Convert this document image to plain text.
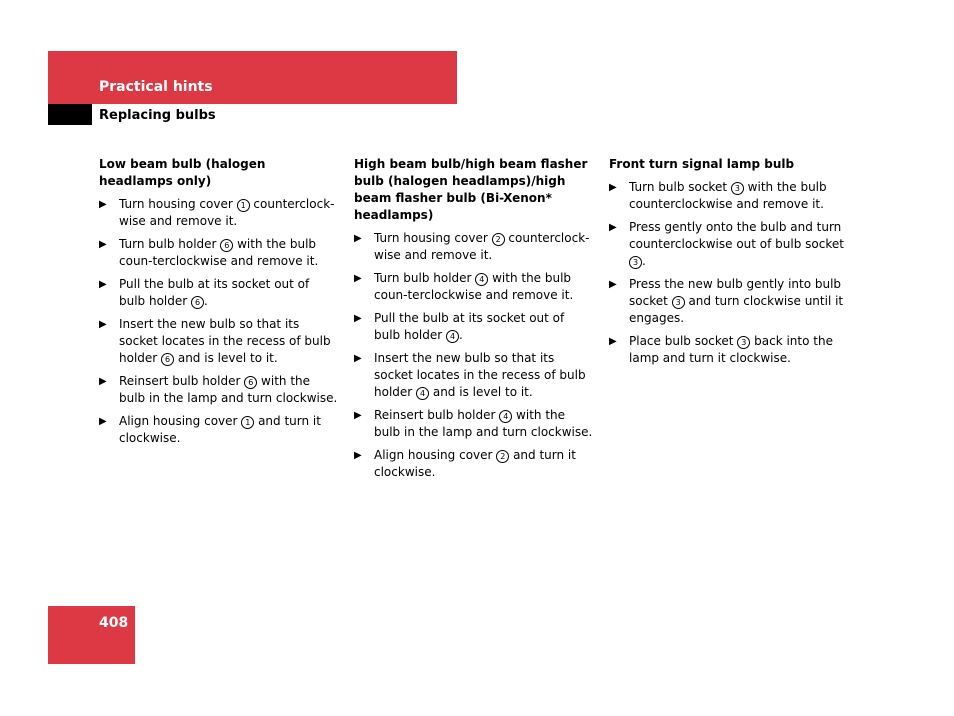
Practical hints
Replacing bulbs
Low beam bulb (halogen headlamps only)
▶ Turn housing cover 1 counterclock-wise and remove it.
▶ Turn bulb holder 6 with the bulb coun-terclockwise and remove it.
▶ Pull the bulb at its socket out of bulb holder 6 .
▶ Insert the new bulb so that its socket locates in the recess of bulb holder 6 and is level to it.
▶ Reinsert bulb holder 6 with the bulb in the lamp and turn clockwise.
▶ Align housing cover 1 and turn it clockwise.
High beam bulb/high beam flasher bulb (halogen headlamps)/high beam flasher bulb (Bi-Xenon* headlamps)
▶ Turn housing cover 2 counterclock-wise and remove it.
▶ Turn bulb holder 4 with the bulb coun-terclockwise and remove it.
▶ Pull the bulb at its socket out of bulb holder 4 .
▶ Insert the new bulb so that its socket locates in the recess of bulb holder 4 and is level to it.
▶ Reinsert bulb holder 4 with the bulb in the lamp and turn clockwise.
▶ Align housing cover 2 and turn it clockwise.
Front turn signal lamp bulb
▶ Turn bulb socket 3 with the bulb counterclockwise and remove it.
▶ Press gently onto the bulb and turn counterclockwise out of bulb socket 3 .
▶ Press the new bulb gently into bulb socket 3 and turn clockwise until it engages.
▶ Place bulb socket 3 back into the lamp and turn it clockwise.
408
